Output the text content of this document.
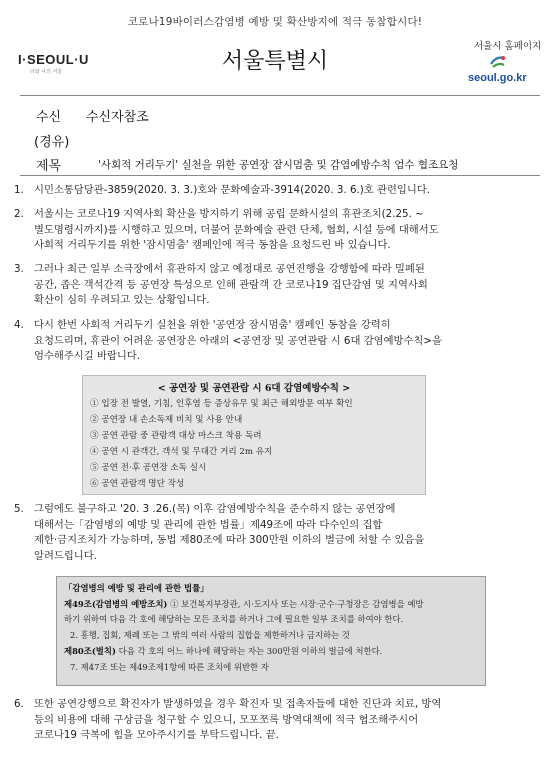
코로나19바이러스감염병 예방 및 확산방지에 적극 동참합시다!
I·SEOUL·U
너와 나의 서울	서울특별시
서울시 홈페이지
seoul.go.kr
수신 수신자참조
(경유)
제목	'사회적 거리두기' 실천을 위한 공연장 잠시멈춤 및 감염예방수칙 엄수 협조요청
1. 시민소통담당관-3859(2020. 3. 3.)호와 문화예술과-3914(2020. 3. 6.)호 관련입니다.
2. 서울시는 코로나19 지역사회 확산을 방지하기 위해 공립 문화시설의 휴관조치(2.25. ~
별도명령시까지)를 시행하고 있으며, 더불어 문화예술 관련 단체, 협회, 시설 등에 대해서도
사회적 거리두기를 위한 '잠시멈춤' 캠페인에 적극 동참을 요청드린 바 있습니다.
3. 그러나 최근 일부 소극장에서 휴관하지 않고 예정대로 공연진행을 강행함에 따라 밀폐된
공간, 좁은 객석간격 등 공연장 특성으로 인해 관람객 간 코로나19 집단감염 및 지역사회
확산이 심히 우려되고 있는 상황입니다.
4. 다시 한번 사회적 거리두기 실천을 위한 '공연장 잠시멈춤' 캠페인 동참을 강력히
요청드리며, 휴관이 어려운 공연장은 아래의 <공연장 및 공연관람 시 6대 감염예방수칙>을
엄수해주시길 바랍니다.
< 공연장 및 공연관람 시 6대 감염예방수칙 >
① 입장 전 발열, 기침, 인후염 등 증상유무 및 최근 해외방문 여부 확인
② 공연장 내 손소독제 비치 및 사용 안내
③ 공연 관람 중 관람객 대상 마스크 착용 독려
④ 공연 시 관객간, 객석 및 무대간 거리 2m 유지
⑤ 공연 전·후 공연장 소독 실시
⑥ 공연 관람객 명단 작성
5. 그럼에도 불구하고 '20. 3 .26.(목) 이후 감염예방수칙을 준수하지 않는 공연장에
대해서는「감염병의 예방 및 관리에 관한 법률」제49조에 따라 다수인의 집합
제한·금지조치가 가능하며, 동법 제80조에 따라 300만원 이하의 벌금에 처할 수 있음을
알려드립니다.
「감염병의 예방 및 관리에 관한 법률」
제49조(감염병의 예방조치) ① 보건복지부장관, 시·도지사 또는 시장·군수·구청장은 감염병을 예방
하기 위하여 다음 각 호에 해당하는 모든 조치를 하거나 그에 필요한 일부 조치를 하여야 한다.
2. 흥행, 집회, 제례 또는 그 밖의 여러 사람의 집합을 제한하거나 금지하는 것
제80조(벌칙) 다음 각 호의 어느 하나에 해당하는 자는 300만원 이하의 벌금에 처한다.
7. 제47조 또는 제49조제1항에 따른 조치에 위반한 자
6. 또한 공연강행으로 확진자가 발생하였을 경우 확진자 및 접촉자들에 대한 진단과 치료, 방역
등의 비용에 대해 구상금을 청구할 수 있으니, 모포쪼록 방역대책에 적극 협조해주시어
코로나19 극복에 힘을 모아주시기를 부탁드립니다. 끝.
